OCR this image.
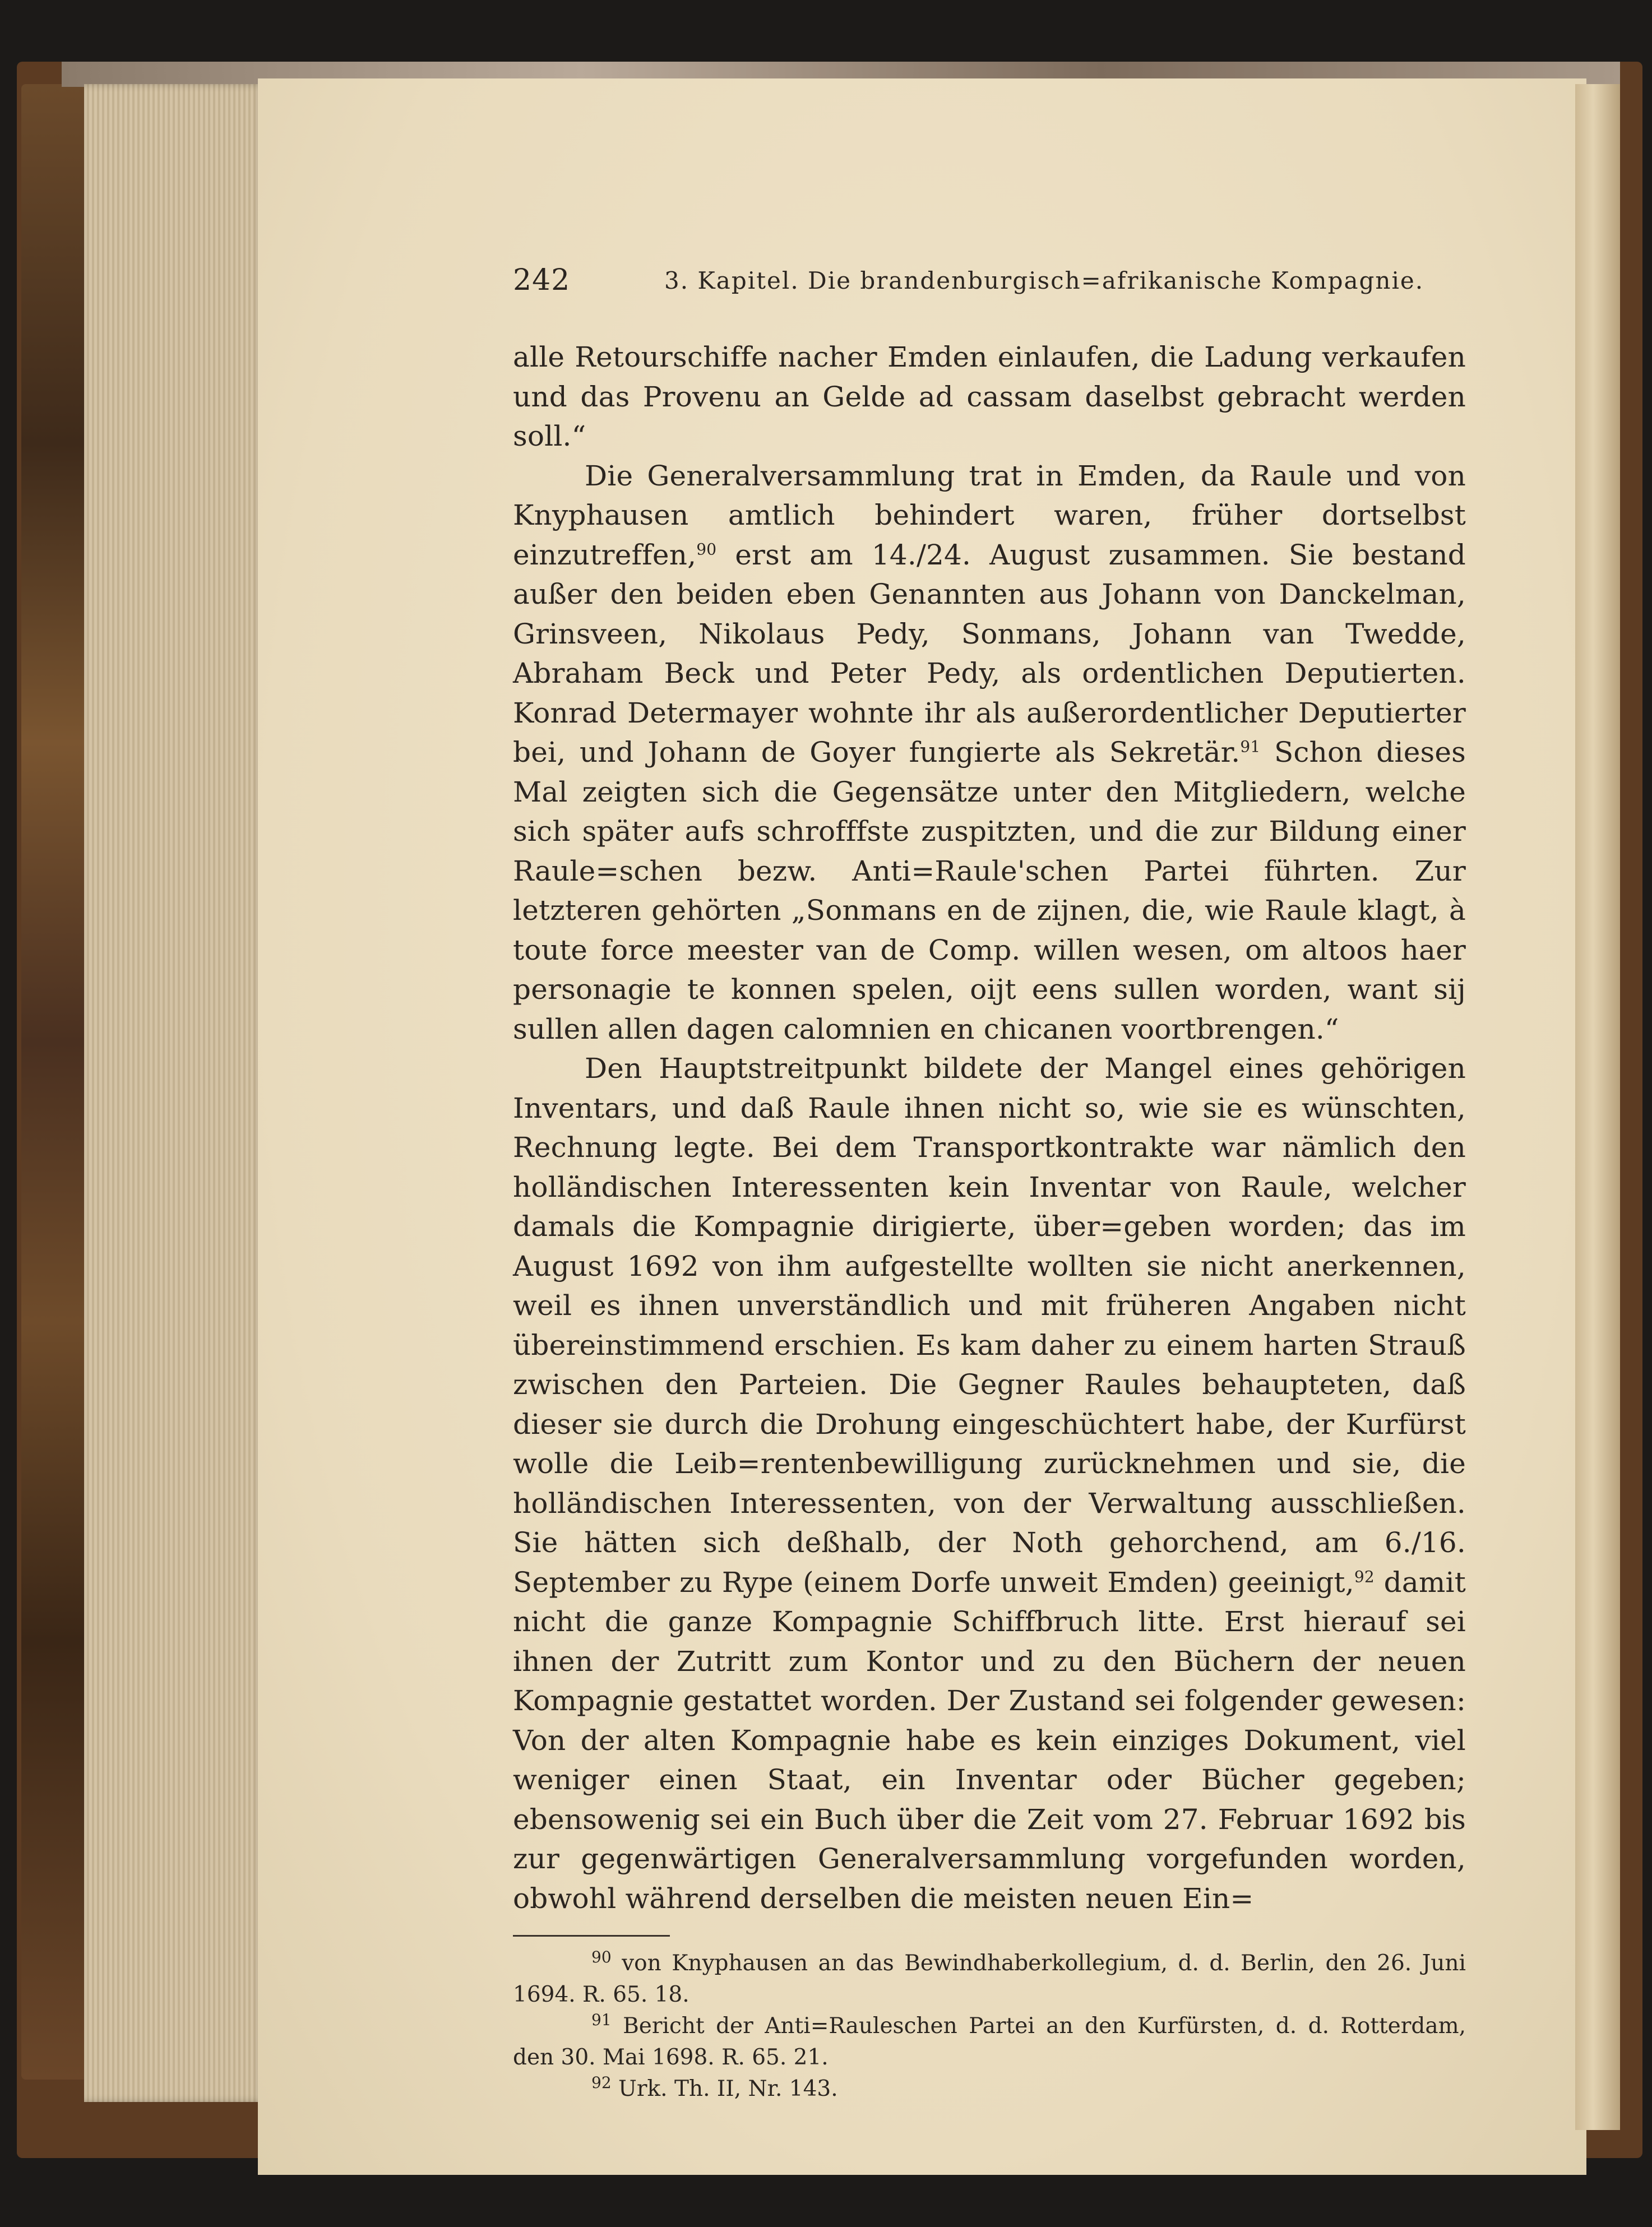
242	3. Kapitel. Die brandenburgisch=afrikanische Kompagnie.

alle Retourschiffe nacher Emden einlaufen, die Ladung verkaufen und das Provenu an Gelde ad cassam daselbst gebracht werden soll.“

Die Generalversammlung trat in Emden, da Raule und von Knyphausen amtlich behindert waren, früher dortselbst einzutreffen,$^{90}$ erst am 14./24. August zusammen. Sie bestand außer den beiden eben Genannten aus Johann von Danckelman, Grinsveen, Nikolaus Pedy, Sonmans, Johann van Twedde, Abraham Beck und Peter Pedy, als ordentlichen Deputierten. Konrad Determayer wohnte ihr als außerordentlicher Deputierter bei, und Johann de Goyer fungierte als Sekretär.$^{91}$ Schon dieses Mal zeigten sich die Gegensätze unter den Mitgliedern, welche sich später aufs schrofffste zuspitzten, und die zur Bildung einer Raule=schen bezw. Anti=Raule'schen Partei führten. Zur letzteren gehörten „Sonmans en de zijnen, die, wie Raule klagt, à toute force meester van de Comp. willen wesen, om altoos haer personagie te konnen spelen, oijt eens sullen worden, want sij sullen allen dagen calomnien en chicanen voortbrengen.“

Den Hauptstreitpunkt bildete der Mangel eines gehörigen Inventars, und daß Raule ihnen nicht so, wie sie es wünschten, Rechnung legte. Bei dem Transportkontrakte war nämlich den holländischen Interessenten kein Inventar von Raule, welcher damals die Kompagnie dirigierte, über=geben worden; das im August 1692 von ihm aufgestellte wollten sie nicht anerkennen, weil es ihnen unverständlich und mit früheren Angaben nicht übereinstimmend erschien. Es kam daher zu einem harten Strauß zwischen den Parteien. Die Gegner Raules behaupteten, daß dieser sie durch die Drohung eingeschüchtert habe, der Kurfürst wolle die Leib=rentenbewilligung zurücknehmen und sie, die holländischen Interessenten, von der Verwaltung ausschließen. Sie hätten sich deßhalb, der Noth gehorchend, am 6./16. September zu Rype (einem Dorfe unweit Emden) geeinigt,$^{92}$ damit nicht die ganze Kompagnie Schiffbruch litte. Erst hierauf sei ihnen der Zutritt zum Kontor und zu den Büchern der neuen Kompagnie gestattet worden. Der Zustand sei folgender gewesen: Von der alten Kompagnie habe es kein einziges Dokument, viel weniger einen Staat, ein Inventar oder Bücher gegeben; ebensowenig sei ein Buch über die Zeit vom 27. Februar 1692 bis zur gegenwärtigen Generalversammlung vorgefunden worden, obwohl während derselben die meisten neuen Ein=

$^{90}$ von Knyphausen an das Bewindhaberkollegium, d. d. Berlin, den 26. Juni 1694. R. 65. 18.

$^{91}$ Bericht der Anti=Rauleschen Partei an den Kurfürsten, d. d. Rotterdam, den 30. Mai 1698. R. 65. 21.

$^{92}$ Urk. Th. II, Nr. 143.
